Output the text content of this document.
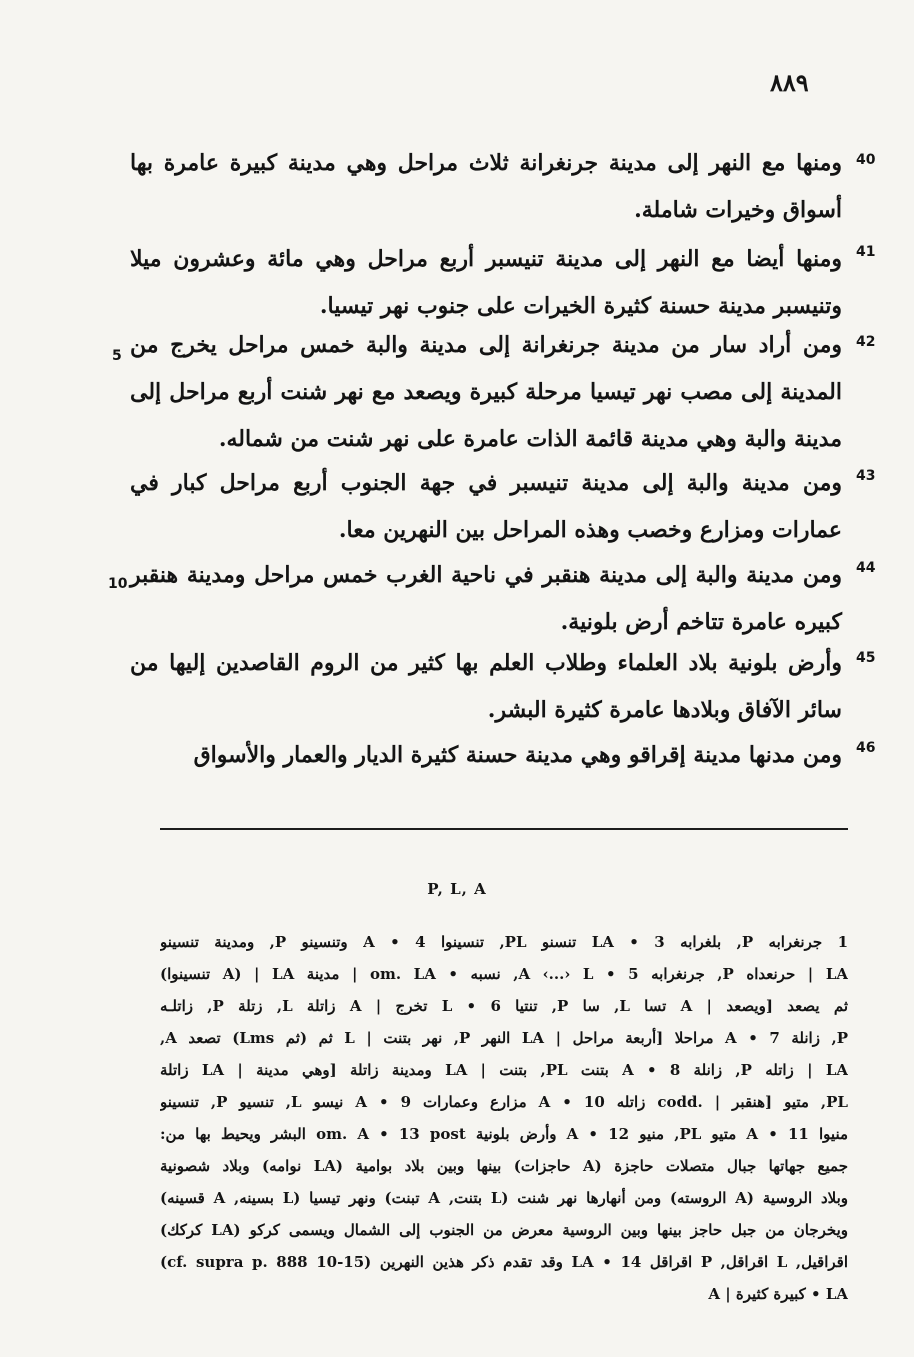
٨٨٩
ومنها مع النهر إلى مدينة جرنغرانة ثلاث مراحل وهي مدينة كبيرة عامرة بها أسواق وخيرات شاملة.
40
ومنها أيضا مع النهر إلى مدينة تنيسبر أربع مراحل وهي مائة وعشرون ميلا وتنيسبر مدينة حسنة كثيرة الخيرات على جنوب نهر تيسيا.
41
ومن أراد سار من مدينة جرنغرانة إلى مدينة والبة خمس مراحل يخرج من المدينة إلى مصب نهر تيسيا مرحلة كبيرة ويصعد مع نهر شنت أربع مراحل إلى مدينة والبة وهي مدينة قائمة الذات عامرة على نهر شنت من شماله.
42
ومن مدينة والبة إلى مدينة تنيسبر في جهة الجنوب أربع مراحل كبار في عمارات ومزارع وخصب وهذه المراحل بين النهرين معا.
43
ومن مدينة والبة إلى مدينة هنقبر في ناحية الغرب خمس مراحل ومدينة هنقبر كبيره عامرة تتاخم أرض بلونية.
44
وأرض بلونية بلاد العلماء وطلاب العلم بها كثير من الروم القاصدين إليها من سائر الآفاق وبلادها عامرة كثيرة البشر.
45
ومن مدنها مدينة إقراقو وهي مدينة حسنة كثيرة الديار والعمار والأسواق 46
5
10
P, L, A
1 جرنغرابه P, بلغرابه LA • 3 تنسنو PL, تنسينوا A • 4 وتنسينو P, ومدينة تنسينو
LA | حرنعداه P, جرنغرابه 5 • A ‹...› L, نسبه • om. LA | مدينة LA | (A تنسينوا)
ثم يصعد [ويصعد | A تسا L, سا P, تنتيا 6 • L تخرج | A زاتلة L, زتلة P, زاتلـه
P, زانلة 7 • A مراحلا [أربعة مراحل | LA النهر P, نهر بتنت | L ثم (ثم Lms) تصعد A,
LA | زاتله P, زانلة 8 • A بتنت PL, بتنت | LA ومدينة زاتلة [وهي مدينة | LA زاتلة
PL, متيو [هنقبر | .codd زاتله 10 • A مزارع وعمارات 9 • A نيسو L, تنسيو P, تنسينو
منيوا A • 11 متيو PL, منيو A • 12 وأرض بلونية om. A • 13 post البشر ويحيط بها من:
جميع جهاتها جبال متصلات حاجزة (A حاجزات) بينها وبين بلاد بوامية (LA نوامه) وبلاد شصونية
وبلاد الروسية (A الروسته) ومن أنهارها نهر شنت (L بتنت, A تبنت) ونهر تيسيا (L بسينه, A قسينه)
ويخرجان من جبل حاجز بينها وبين الروسية معرض من الجنوب إلى الشمال ويسمى كركو (LA كركك)
اقراقيل, L اقراقل, P اقراقل 14 • LA وقد تقدم ذكر هذين النهرين (cf. supra p. 888 10-15)
LA • كبيرة كثيرة | A
